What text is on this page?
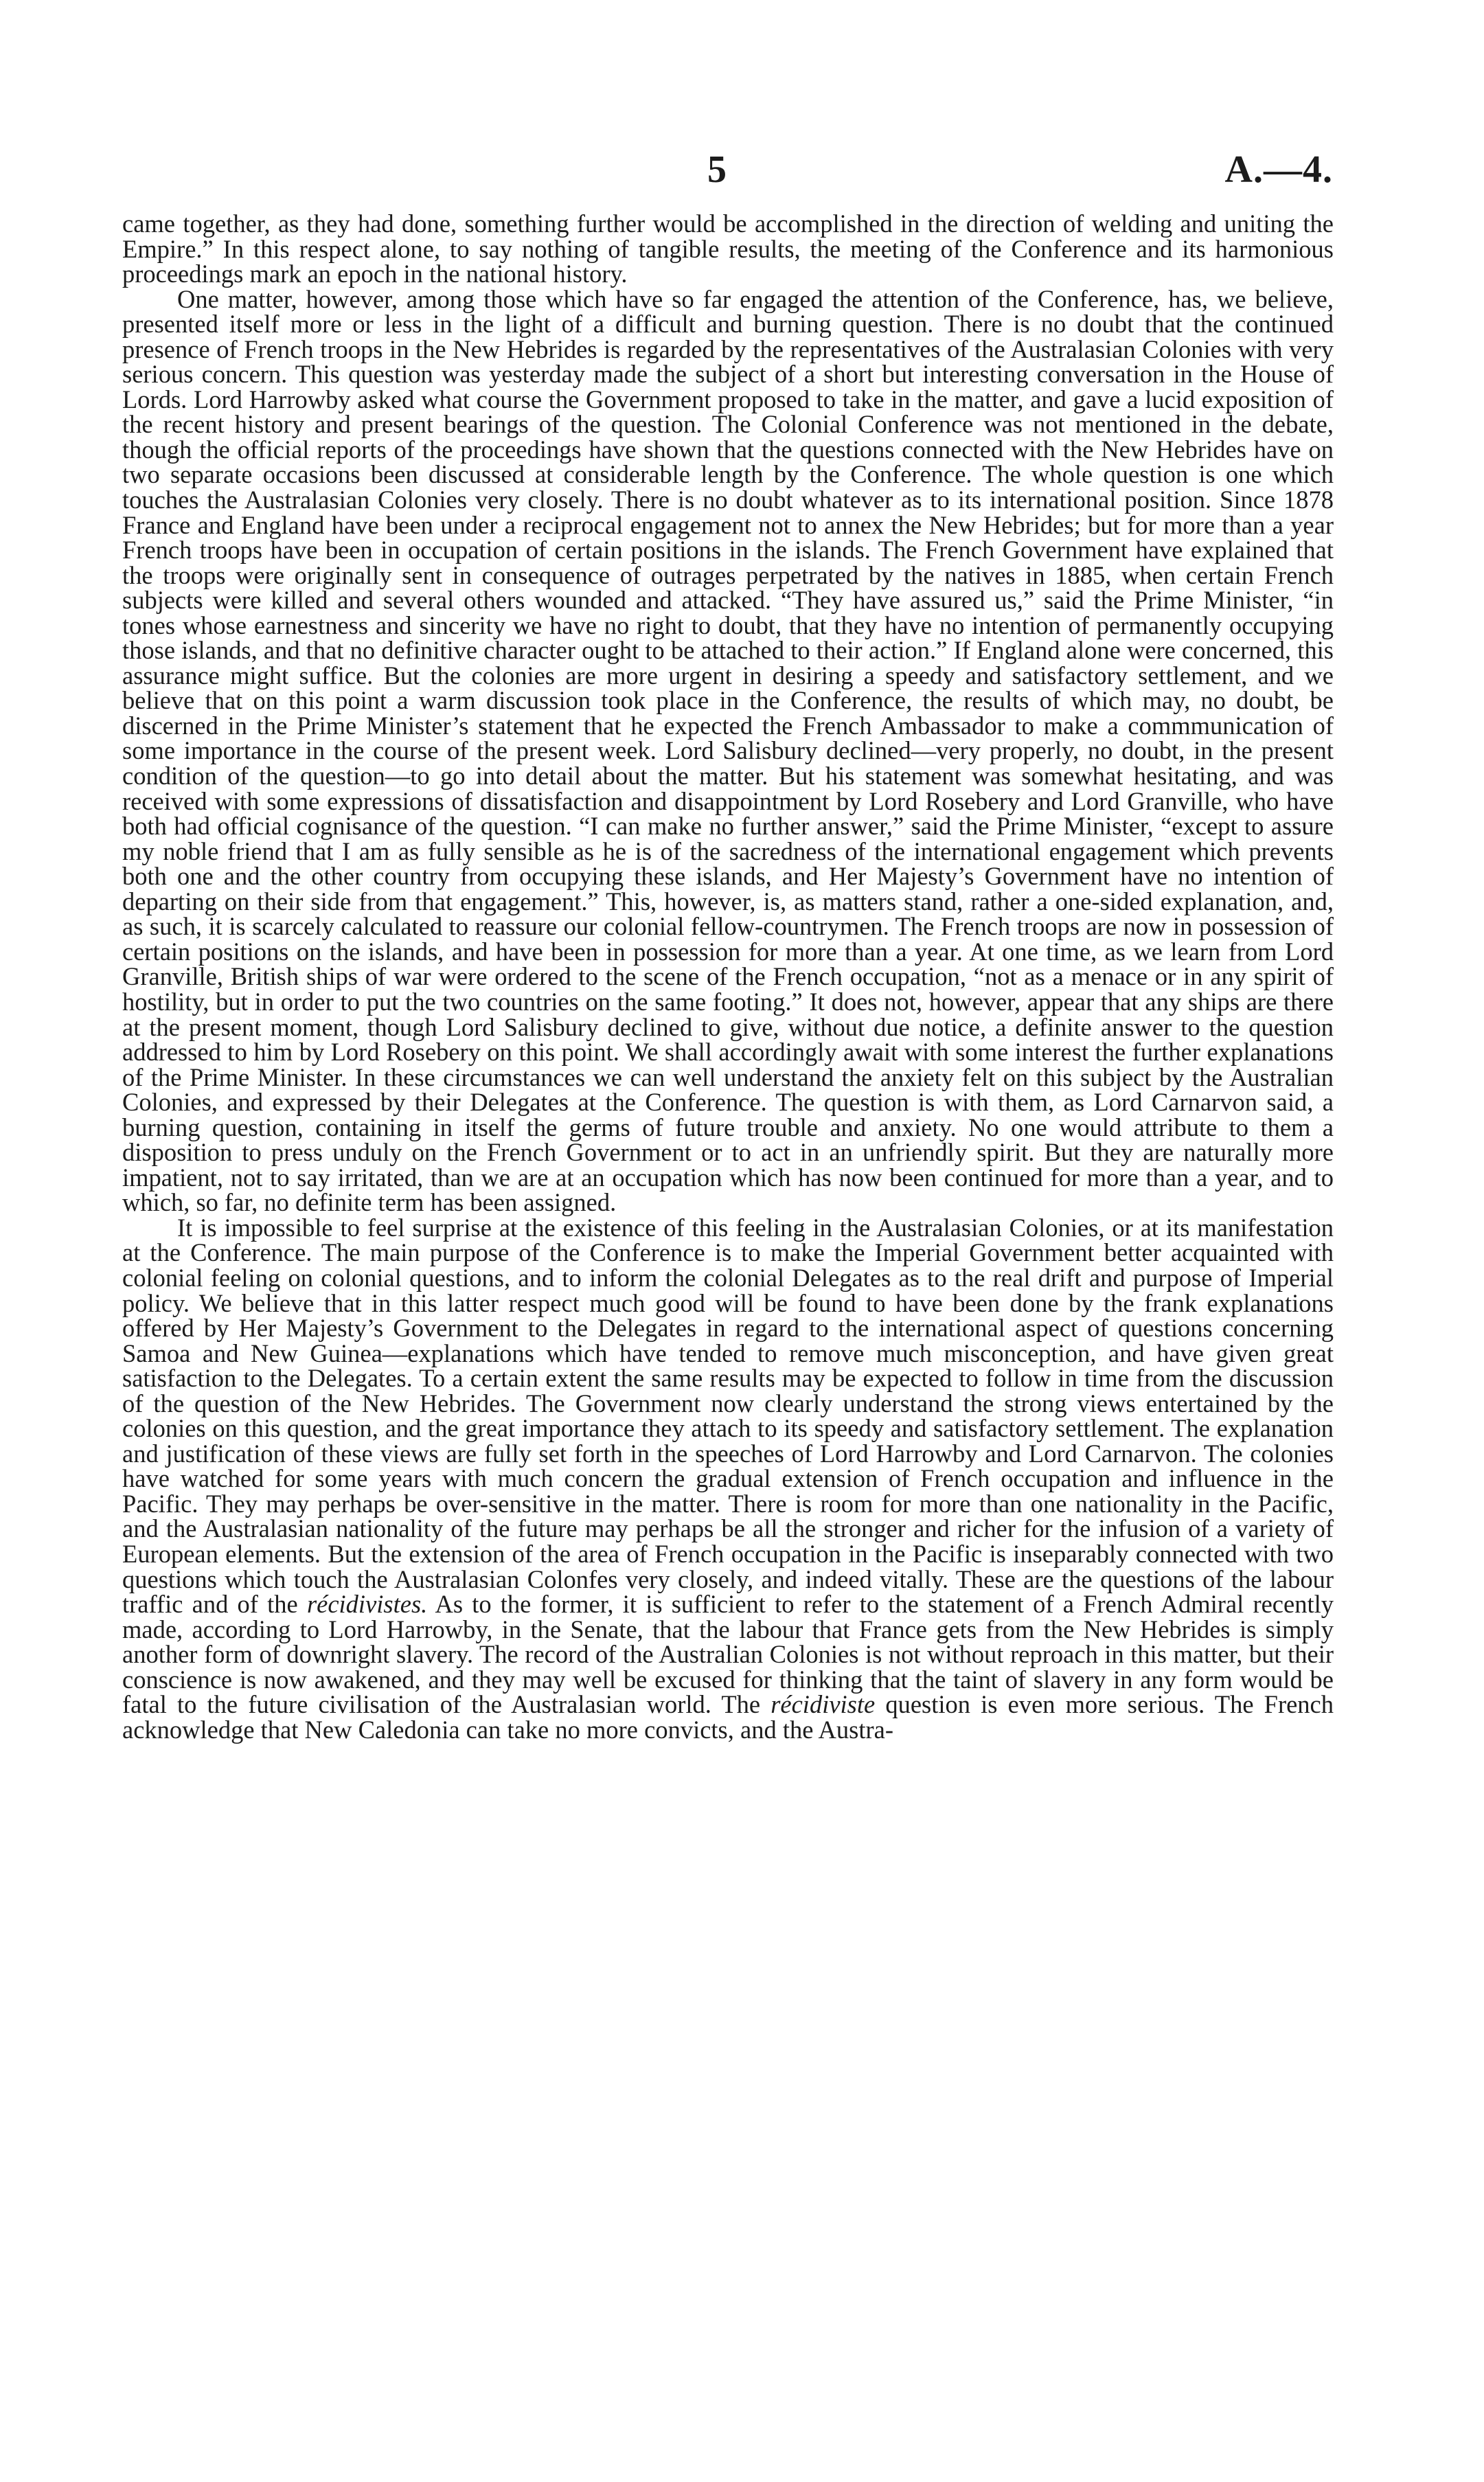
5	A.—4.

came together, as they had done, something further would be accomplished in the direction of welding and uniting the Empire.” In this respect alone, to say nothing of tangible results, the meeting of the Conference and its harmonious proceedings mark an epoch in the national history.

One matter, however, among those which have so far engaged the attention of the Conference, has, we believe, presented itself more or less in the light of a difficult and burning question. There is no doubt that the continued presence of French troops in the New Hebrides is regarded by the representatives of the Australasian Colonies with very serious concern. This question was yesterday made the subject of a short but interesting conversation in the House of Lords. Lord Harrowby asked what course the Government proposed to take in the matter, and gave a lucid exposition of the recent history and present bearings of the question. The Colonial Conference was not mentioned in the debate, though the official reports of the proceedings have shown that the questions connected with the New Hebrides have on two separate occasions been discussed at considerable length by the Conference. The whole question is one which touches the Australasian Colonies very closely. There is no doubt whatever as to its international position. Since 1878 France and England have been under a reciprocal engagement not to annex the New Hebrides; but for more than a year French troops have been in occupation of certain positions in the islands. The French Government have explained that the troops were originally sent in consequence of outrages perpetrated by the natives in 1885, when certain French subjects were killed and several others wounded and attacked. “They have assured us,” said the Prime Minister, “in tones whose earnestness and sincerity we have no right to doubt, that they have no intention of permanently occupying those islands, and that no definitive character ought to be attached to their action.” If England alone were concerned, this assurance might suffice. But the colonies are more urgent in desiring a speedy and satisfactory settlement, and we believe that on this point a warm discussion took place in the Conference, the results of which may, no doubt, be discerned in the Prime Minister’s statement that he expected the French Ambassador to make a commmunication of some importance in the course of the present week. Lord Salisbury declined—very properly, no doubt, in the present condition of the question—to go into detail about the matter. But his statement was somewhat hesitating, and was received with some expressions of dissatisfaction and disappointment by Lord Rosebery and Lord Granville, who have both had official cognisance of the question. “I can make no further answer,” said the Prime Minister, “except to assure my noble friend that I am as fully sensible as he is of the sacredness of the international engagement which prevents both one and the other country from occupying these islands, and Her Majesty’s Government have no intention of departing on their side from that engagement.” This, however, is, as matters stand, rather a one-sided explanation, and, as such, it is scarcely calculated to reassure our colonial fellow-countrymen. The French troops are now in possession of certain positions on the islands, and have been in possession for more than a year. At one time, as we learn from Lord Granville, British ships of war were ordered to the scene of the French occupation, “not as a menace or in any spirit of hostility, but in order to put the two countries on the same footing.” It does not, however, appear that any ships are there at the present moment, though Lord Salisbury declined to give, without due notice, a definite answer to the question addressed to him by Lord Rosebery on this point. We shall accordingly await with some interest the further explanations of the Prime Minister. In these circumstances we can well understand the anxiety felt on this subject by the Australian Colonies, and expressed by their Delegates at the Conference. The question is with them, as Lord Carnarvon said, a burning question, containing in itself the germs of future trouble and anxiety. No one would attribute to them a disposition to press unduly on the French Government or to act in an unfriendly spirit. But they are naturally more impatient, not to say irritated, than we are at an occupation which has now been continued for more than a year, and to which, so far, no definite term has been assigned.

It is impossible to feel surprise at the existence of this feeling in the Australasian Colonies, or at its manifestation at the Conference. The main purpose of the Conference is to make the Imperial Government better acquainted with colonial feeling on colonial questions, and to inform the colonial Delegates as to the real drift and purpose of Imperial policy. We believe that in this latter respect much good will be found to have been done by the frank explanations offered by Her Majesty’s Government to the Delegates in regard to the international aspect of questions concerning Samoa and New Guinea—explanations which have tended to remove much misconception, and have given great satisfaction to the Delegates. To a certain extent the same results may be expected to follow in time from the discussion of the question of the New Hebrides. The Government now clearly understand the strong views entertained by the colonies on this question, and the great importance they attach to its speedy and satisfactory settlement. The explanation and justification of these views are fully set forth in the speeches of Lord Harrowby and Lord Carnarvon. The colonies have watched for some years with much concern the gradual extension of French occupation and influence in the Pacific. They may perhaps be over-sensitive in the matter. There is room for more than one nationality in the Pacific, and the Australasian nationality of the future may perhaps be all the stronger and richer for the infusion of a variety of European elements. But the extension of the area of French occupation in the Pacific is inseparably connected with two questions which touch the Australasian Colonfes very closely, and indeed vitally. These are the questions of the labour traffic and of the récidivistes. As to the former, it is sufficient to refer to the statement of a French Admiral recently made, according to Lord Harrowby, in the Senate, that the labour that France gets from the New Hebrides is simply another form of downright slavery. The record of the Australian Colonies is not without reproach in this matter, but their conscience is now awakened, and they may well be excused for thinking that the taint of slavery in any form would be fatal to the future civilisation of the Australasian world. The récidiviste question is even more serious. The French acknowledge that New Caledonia can take no more convicts, and the Austra-
